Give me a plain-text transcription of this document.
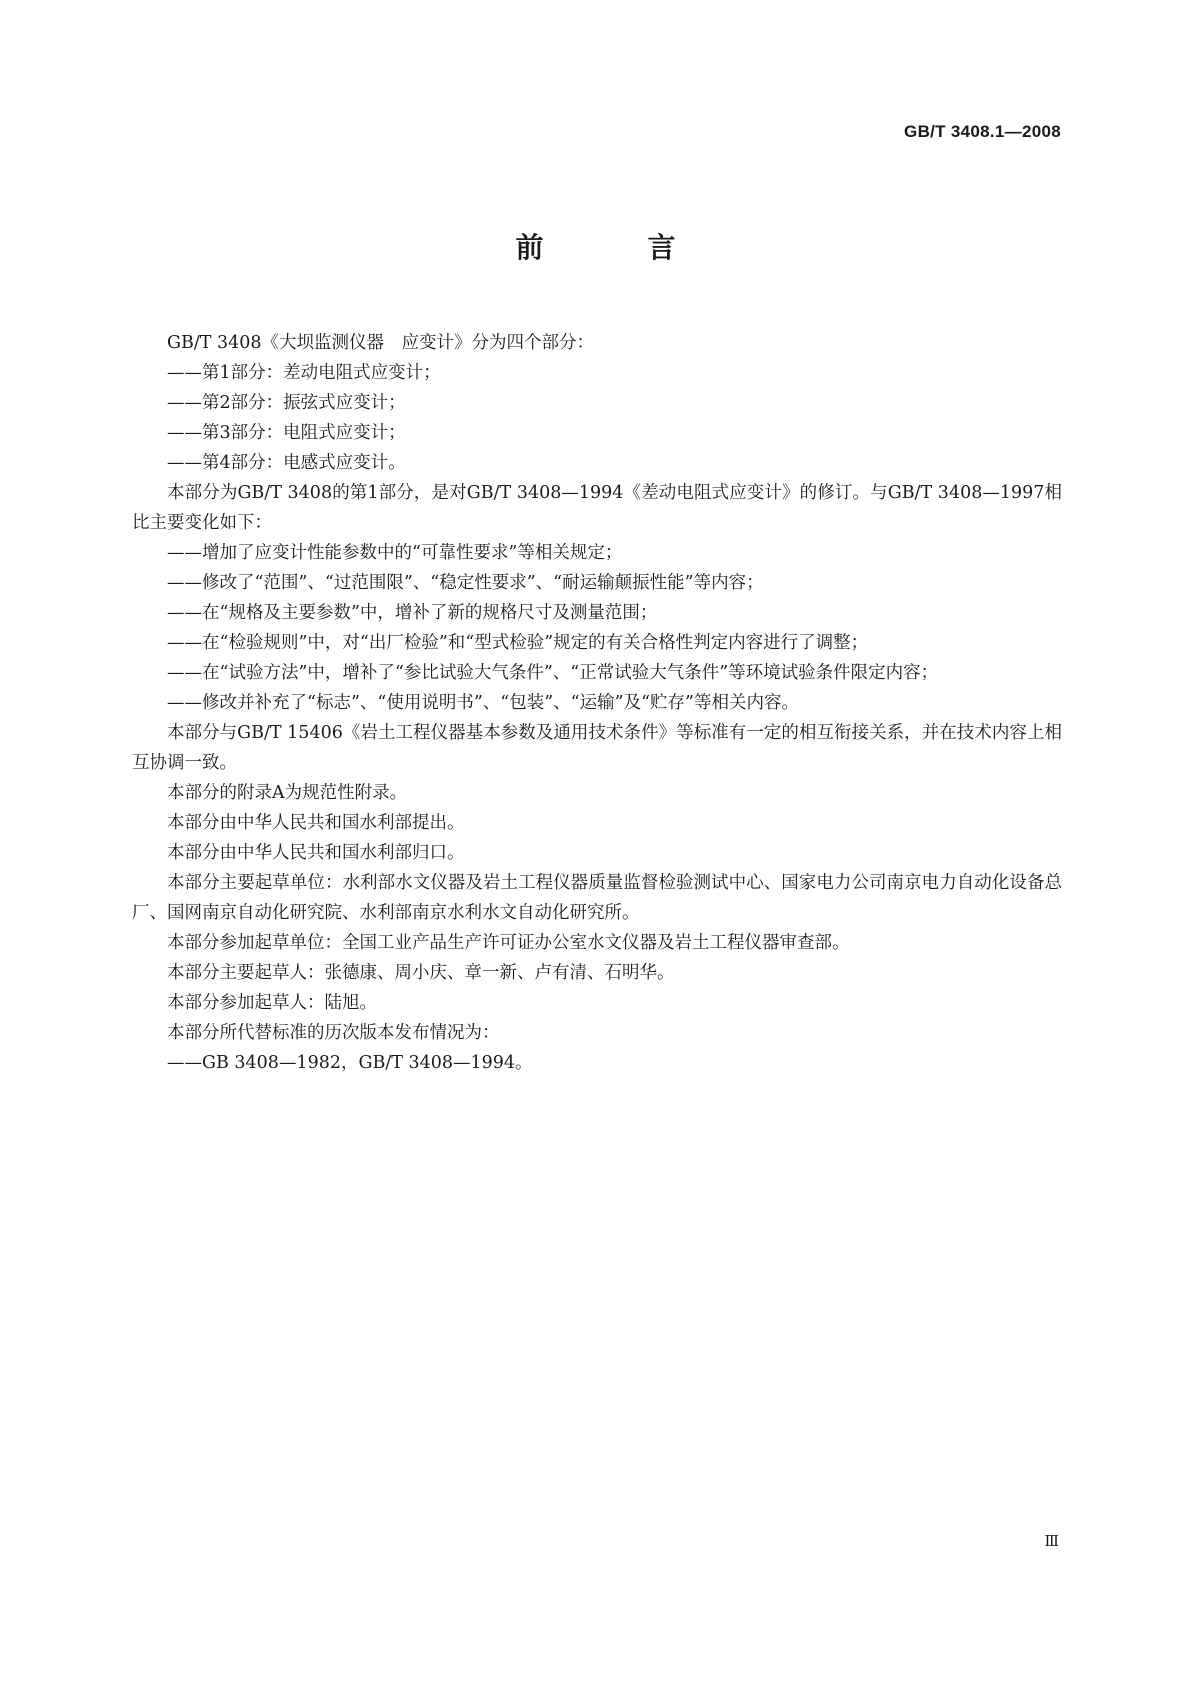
GB/T 3408.1—2008
前　言

GB/T 3408《大坝监测仪器　应变计》分为四个部分：

——第1部分：差动电阻式应变计；

——第2部分：振弦式应变计；

——第3部分：电阻式应变计；

——第4部分：电感式应变计。

本部分为GB/T 3408的第1部分，是对GB/T 3408—1994《差动电阻式应变计》的修订。与GB/T 3408—1997相比主要变化如下：

——增加了应变计性能参数中的“可靠性要求”等相关规定；

——修改了“范围”、“过范围限”、“稳定性要求”、“耐运输颠振性能”等内容；

——在“规格及主要参数”中，增补了新的规格尺寸及测量范围；

——在“检验规则”中，对“出厂检验”和“型式检验”规定的有关合格性判定内容进行了调整；

——在“试验方法”中，增补了“参比试验大气条件”、“正常试验大气条件”等环境试验条件限定内容；

——修改并补充了“标志”、“使用说明书”、“包装”、“运输”及“贮存”等相关内容。

本部分与GB/T 15406《岩土工程仪器基本参数及通用技术条件》等标准有一定的相互衔接关系，并在技术内容上相互协调一致。

本部分的附录A为规范性附录。

本部分由中华人民共和国水利部提出。

本部分由中华人民共和国水利部归口。

本部分主要起草单位：水利部水文仪器及岩土工程仪器质量监督检验测试中心、国家电力公司南京电力自动化设备总厂、国网南京自动化研究院、水利部南京水利水文自动化研究所。

本部分参加起草单位：全国工业产品生产许可证办公室水文仪器及岩土工程仪器审查部。

本部分主要起草人：张德康、周小庆、章一新、卢有清、石明华。

本部分参加起草人：陆旭。

本部分所代替标准的历次版本发布情况为：

——GB 3408—1982，GB/T 3408—1994。

Ⅲ
